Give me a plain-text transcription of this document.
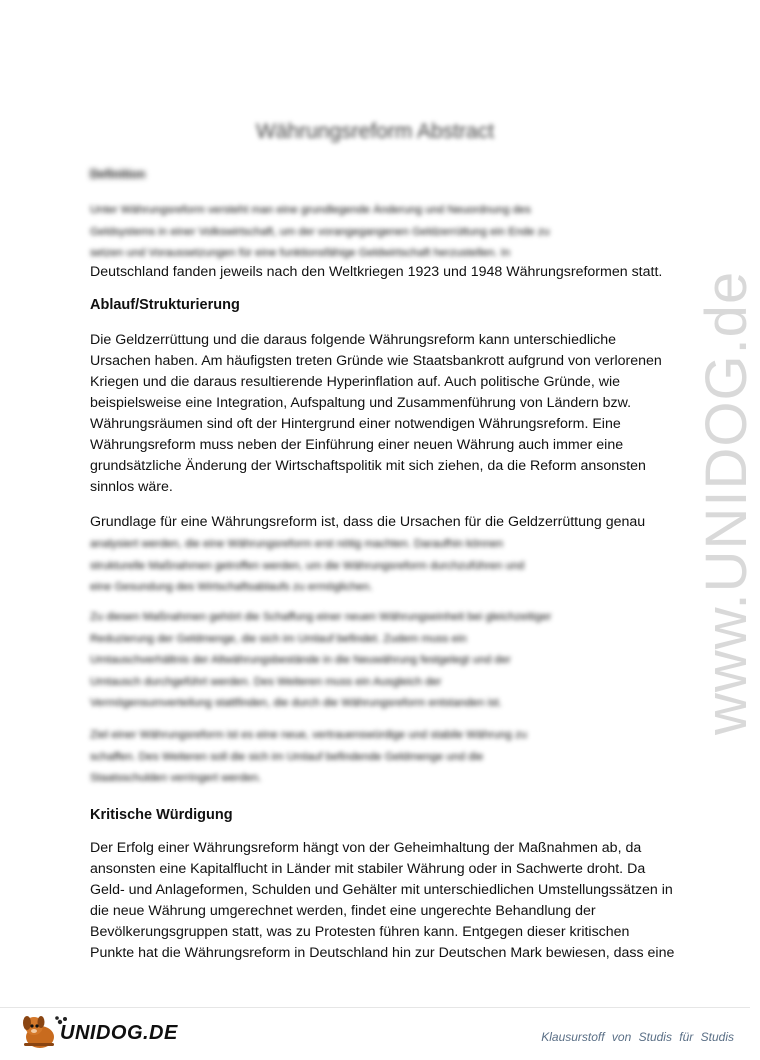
Währungsreform Abstract
Definition
Unter Währungsreform versteht man eine grundlegende Änderung und Neuordnung des
Geldsystems in einer Volkswirtschaft, um der vorangegangenen Geldzerrüttung ein Ende zu
setzen und Voraussetzungen für eine funktionsfähige Geldwirtschaft herzustellen. In
Deutschland fanden jeweils nach den Weltkriegen 1923 und 1948 Währungsreformen statt.
Ablauf/Strukturierung
Die Geldzerrüttung und die daraus folgende Währungsreform kann unterschiedliche
Ursachen haben. Am häufigsten treten Gründe wie Staatsbankrott aufgrund von verlorenen
Kriegen und die daraus resultierende Hyperinflation auf. Auch politische Gründe, wie
beispielsweise eine Integration, Aufspaltung und Zusammenführung von Ländern bzw.
Währungsräumen sind oft der Hintergrund einer notwendigen Währungsreform. Eine
Währungsreform muss neben der Einführung einer neuen Währung auch immer eine
grundsätzliche Änderung der Wirtschaftspolitik mit sich ziehen, da die Reform ansonsten
sinnlos wäre.
Grundlage für eine Währungsreform ist, dass die Ursachen für die Geldzerrüttung genau
analysiert werden, die eine Währungsreform erst nötig machten. Daraufhin können
strukturelle Maßnahmen getroffen werden, um die Währungsreform durchzuführen und
eine Gesundung des Wirtschaftsablaufs zu ermöglichen.
Zu diesen Maßnahmen gehört die Schaffung einer neuen Währungseinheit bei gleichzeitiger
Reduzierung der Geldmenge, die sich im Umlauf befindet. Zudem muss ein
Umtauschverhältnis der Altwährungsbestände in die Neuwährung festgelegt und der
Umtausch durchgeführt werden. Des Weiteren muss ein Ausgleich der
Vermögensumverteilung stattfinden, die durch die Währungsreform entstanden ist.
Ziel einer Währungsreform ist es eine neue, vertrauenswürdige und stabile Währung zu
schaffen. Des Weiteren soll die sich im Umlauf befindende Geldmenge und die
Staatsschulden verringert werden.
Kritische Würdigung
Der Erfolg einer Währungsreform hängt von der Geheimhaltung der Maßnahmen ab, da
ansonsten eine Kapitalflucht in Länder mit stabiler Währung oder in Sachwerte droht. Da
Geld- und Anlageformen, Schulden und Gehälter mit unterschiedlichen Umstellungssätzen in
die neue Währung umgerechnet werden, findet eine ungerechte Behandlung der
Bevölkerungsgruppen statt, was zu Protesten führen kann. Entgegen dieser kritischen
Punkte hat die Währungsreform in Deutschland hin zur Deutschen Mark bewiesen, dass eine
www.UNIDOG.de
UNIDOG.DE	Klausurstoff von Studis für Studis
